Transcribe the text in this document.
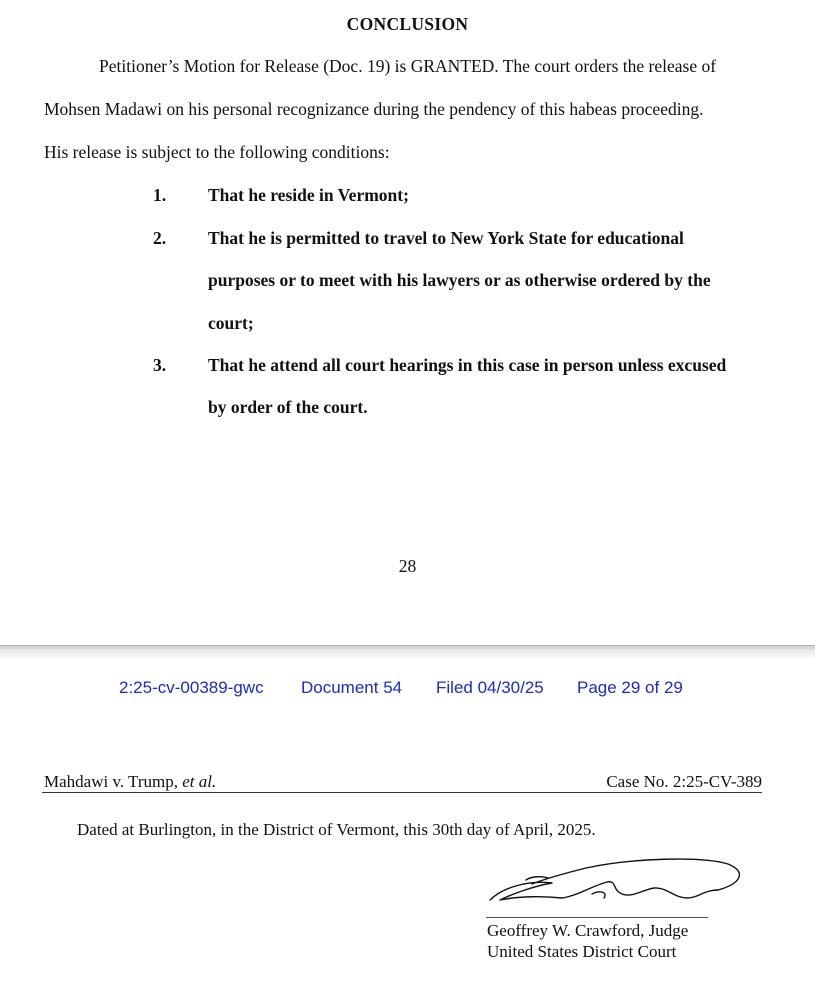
CONCLUSION
Petitioner’s Motion for Release (Doc. 19) is GRANTED. The court orders the release of
Mohsen Madawi on his personal recognizance during the pendency of this habeas proceeding.
His release is subject to the following conditions:
1. That he reside in Vermont;
2. That he is permitted to travel to New York State for educational
purposes or to meet with his lawyers or as otherwise ordered by the
court;
3. That he attend all court hearings in this case in person unless excused
by order of the court.
28
2:25-cv-00389-gwc Document 54 Filed 04/30/25 Page 29 of 29
Mahdawi v. Trump, et al.	Case No. 2:25-CV-389
Dated at Burlington, in the District of Vermont, this 30th day of April, 2025.
Geoffrey W. Crawford, Judge
United States District Court
